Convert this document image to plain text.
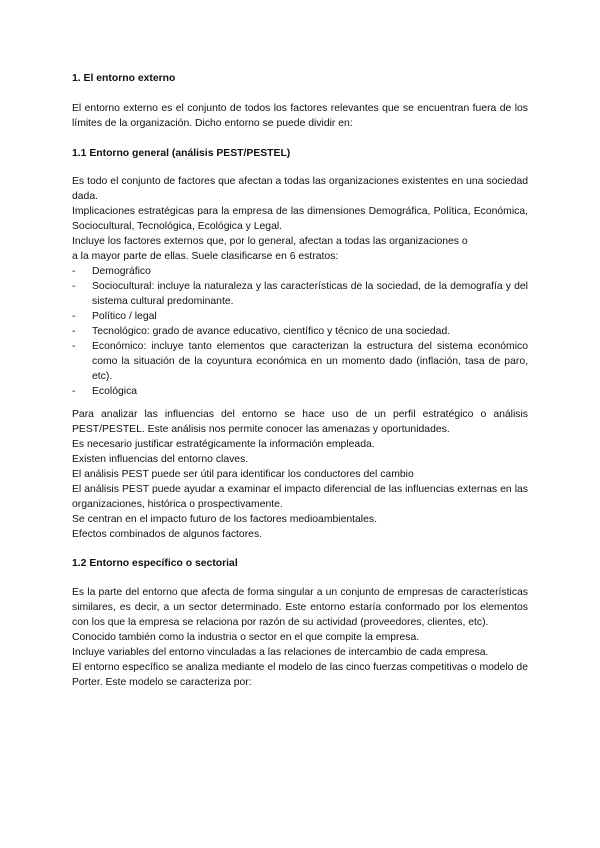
1. El entorno externo

El entorno externo es el conjunto de todos los factores relevantes que se encuentran fuera de los límites de la organización. Dicho entorno se puede dividir en:

1.1 Entorno general (análisis PEST/PESTEL)

Es todo el conjunto de factores que afectan a todas las organizaciones existentes en una sociedad dada.

Implicaciones estratégicas para la empresa de las dimensiones Demográfica, Política, Económica, Sociocultural, Tecnológica, Ecológica y Legal.

Incluye los factores externos que, por lo general, afectan a todas las organizaciones o

a la mayor parte de ellas. Suele clasificarse en 6 estratos:

- Demográfico
- Sociocultural: incluye la naturaleza y las características de la sociedad, de la demografía y del sistema cultural predominante.
- Político / legal
- Tecnológico: grado de avance educativo, científico y técnico de una sociedad.
- Económico: incluye tanto elementos que caracterizan la estructura del sistema económico como la situación de la coyuntura económica en un momento dado (inflación, tasa de paro, etc).
- Ecológica

Para analizar las influencias del entorno se hace uso de un perfil estratégico o análisis PEST/PESTEL. Este análisis nos permite conocer las amenazas y oportunidades.

Es necesario justificar estratégicamente la información empleada.

Existen influencias del entorno claves.

El análisis PEST puede ser útil para identificar los conductores del cambio

El análisis PEST puede ayudar a examinar el impacto diferencial de las influencias externas en las organizaciones, histórica o prospectivamente.

Se centran en el impacto futuro de los factores medioambientales.

Efectos combinados de algunos factores.

1.2 Entorno específico o sectorial

Es la parte del entorno que afecta de forma singular a un conjunto de empresas de características similares, es decir, a un sector determinado. Este entorno estaría conformado por los elementos con los que la empresa se relaciona por razón de su actividad (proveedores, clientes, etc).

Conocido también como la industria o sector en el que compite la empresa.

Incluye variables del entorno vinculadas a las relaciones de intercambio de cada empresa.

El entorno específico se analiza mediante el modelo de las cinco fuerzas competitivas o modelo de Porter. Este modelo se caracteriza por:
